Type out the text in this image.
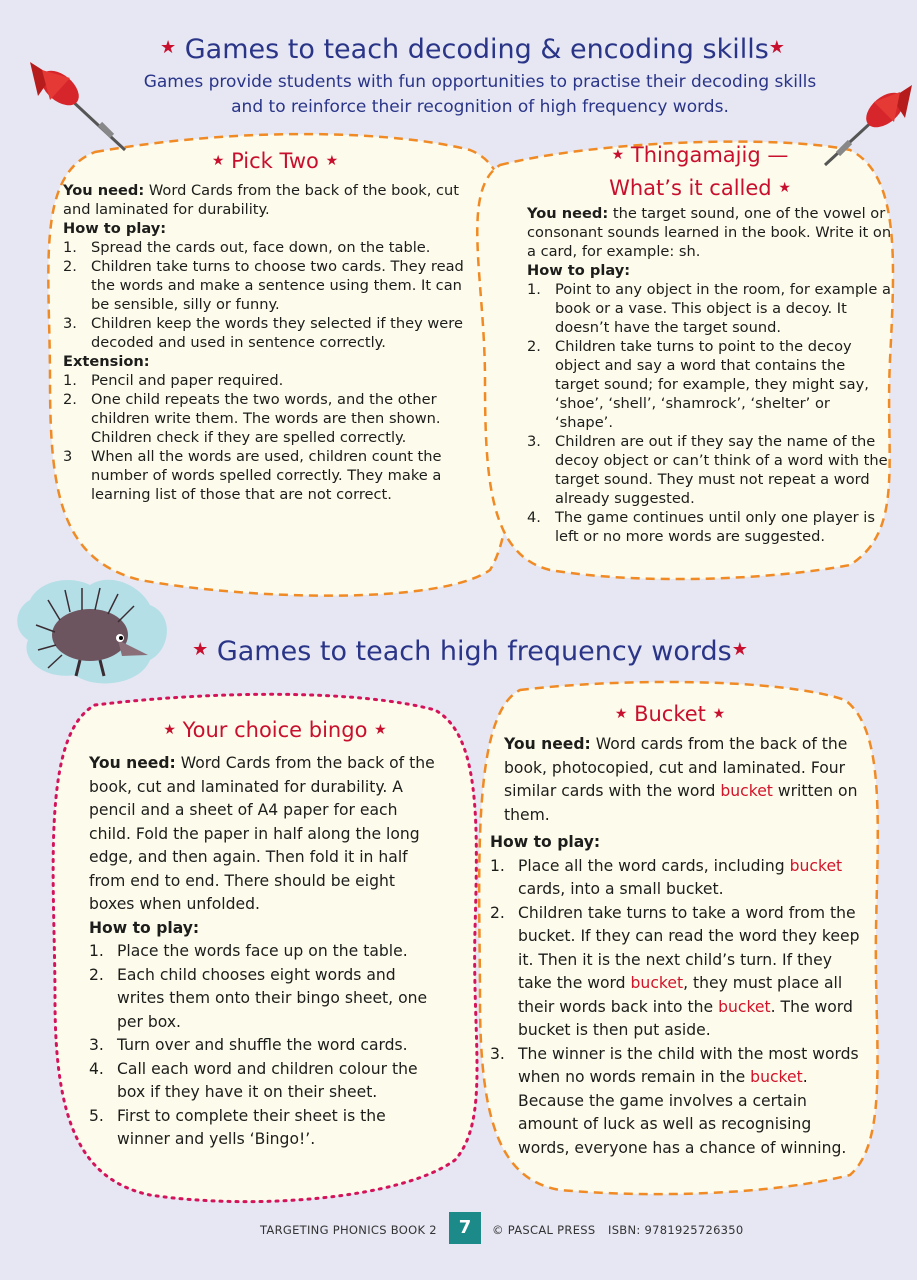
★ Games to teach decoding & encoding skills★
Games provide students with fun opportunities to practise their decoding skills and to reinforce their recognition of high frequency words.
★ Pick Two ★

You need: Word Cards from the back of the book, cut and laminated for durability.

How to play:

1. Spread the cards out, face down, on the table.
2. Children take turns to choose two cards. They read the words and make a sentence using them. It can be sensible, silly or funny.
3. Children keep the words they selected if they were decoded and used in sentence correctly.

Extension:

1. Pencil and paper required.
2. One child repeats the two words, and the other children write them. The words are then shown. Children check if they are spelled correctly.
3 When all the words are used, children count the number of words spelled correctly. They make a learning list of those that are not correct.
★ Thingamajig —
What’s it called ★

You need: the target sound, one of the vowel or consonant sounds learned in the book. Write it on a card, for example: sh.

How to play:

1. Point to any object in the room, for example a book or a vase. This object is a decoy. It doesn’t have the target sound.
2. Children take turns to point to the decoy object and say a word that contains the target sound; for example, they might say, ‘shoe’, ‘shell’, ‘shamrock’, ‘shelter’ or ‘shape’.
3. Children are out if they say the name of the decoy object or can’t think of a word with the target sound. They must not repeat a word already suggested.
4. The game continues until only one player is left or no more words are suggested.
★ Games to teach high frequency words★
★ Your choice bingo ★

You need: Word Cards from the back of the book, cut and laminated for durability. A pencil and a sheet of A4 paper for each child. Fold the paper in half along the long edge, and then again. Then fold it in half from end to end. There should be eight boxes when unfolded.

How to play:

1. Place the words face up on the table.
2. Each child chooses eight words and writes them onto their bingo sheet, one per box.
3. Turn over and shuffle the word cards.
4. Call each word and children colour the box if they have it on their sheet.
5. First to complete their sheet is the winner and yells ‘Bingo!’.
★ Bucket ★

You need: Word cards from the back of the book, photocopied, cut and laminated. Four similar cards with the word bucket written on them.

How to play:

1. Place all the word cards, including bucket cards, into a small bucket.
2. Children take turns to take a word from the bucket. If they can read the word they keep it. Then it is the next child’s turn. If they take the word bucket, they must place all their words back into the bucket. The word bucket is then put aside.
3. The winner is the child with the most words when no words remain in the bucket. Because the game involves a certain amount of luck as well as recognising words, everyone has a chance of winning.
TARGETING PHONICS BOOK 2	© PASCAL PRESS ISBN: 9781925726350
7
